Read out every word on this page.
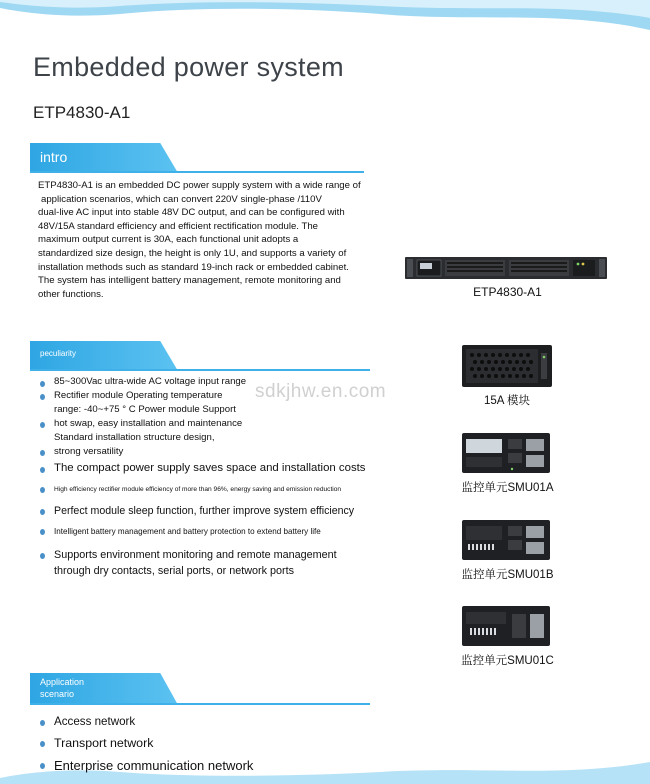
Embedded power system
ETP4830-A1
intro
ETP4830-A1 is an embedded DC power supply system with a wide range of
application scenarios, which can convert 220V single-phase /110V
dual-live AC input into stable 48V DC output, and can be configured with
48V/15A standard efficiency and efficient rectification module. The
maximum output current is 30A, each functional unit adopts a
standardized size design, the height is only 1U, and supports a variety of
installation methods such as standard 19-inch rack or embedded cabinet.
The system has intelligent battery management, remote monitoring and
other functions.
peculiarity
85~300Vac ultra-wide AC voltage input range
Rectifier module Operating temperature
range: -40~+75 ° C Power module Support
hot swap, easy installation and maintenance
Standard installation structure design,
strong versatility
The compact power supply saves space and installation costs
High efficiency rectifier module efficiency of more than 96%, energy saving and emission reduction
Perfect module sleep function, further improve system efficiency
Intelligent battery management and battery protection to extend battery life
Supports environment monitoring and remote management
through dry contacts, serial ports, or network ports
sdkjhw.en.com
Application
scenario
Access network
Transport network
Enterprise communication network
ETP4830-A1
15A 模块
监控单元SMU01A
监控单元SMU01B
监控单元SMU01C
